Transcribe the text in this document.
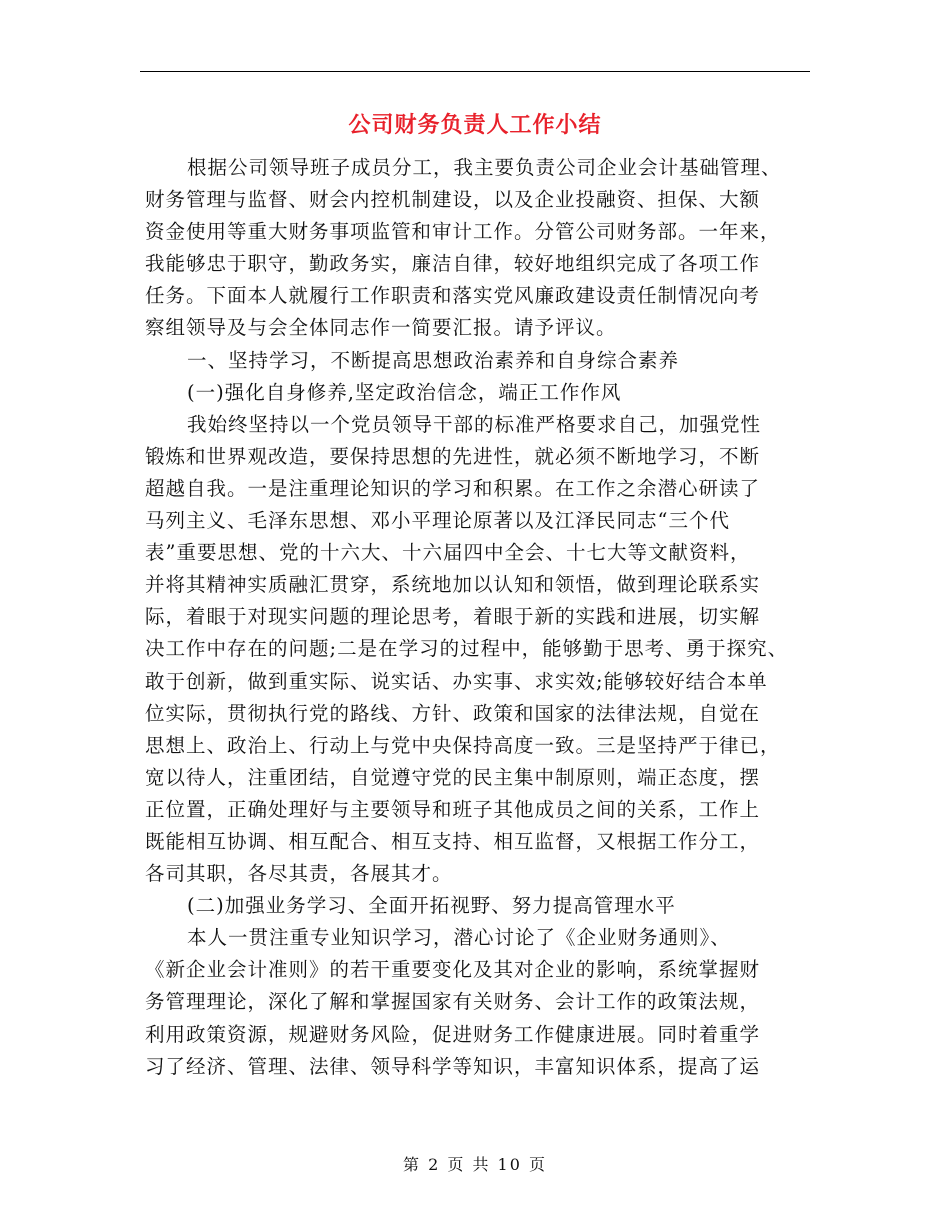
公司财务负责人工作小结
根据公司领导班子成员分工，我主要负责公司企业会计基础管理、
财务管理与监督、财会内控机制建设，以及企业投融资、担保、大额
资金使用等重大财务事项监管和审计工作。分管公司财务部。一年来，
我能够忠于职守，勤政务实，廉洁自律，较好地组织完成了各项工作
任务。下面本人就履行工作职责和落实党风廉政建设责任制情况向考
察组领导及与会全体同志作一简要汇报。请予评议。
一、坚持学习，不断提高思想政治素养和自身综合素养
(一)强化自身修养,坚定政治信念，端正工作作风
我始终坚持以一个党员领导干部的标准严格要求自己，加强党性
锻炼和世界观改造，要保持思想的先进性，就必须不断地学习，不断
超越自我。一是注重理论知识的学习和积累。在工作之余潜心研读了
马列主义、毛泽东思想、邓小平理论原著以及江泽民同志“三个代
表”重要思想、党的十六大、十六届四中全会、十七大等文献资料，
并将其精神实质融汇贯穿，系统地加以认知和领悟，做到理论联系实
际，着眼于对现实问题的理论思考，着眼于新的实践和进展，切实解
决工作中存在的问题;二是在学习的过程中，能够勤于思考、勇于探究、
敢于创新，做到重实际、说实话、办实事、求实效;能够较好结合本单
位实际，贯彻执行党的路线、方针、政策和国家的法律法规，自觉在
思想上、政治上、行动上与党中央保持高度一致。三是坚持严于律已，
宽以待人，注重团结，自觉遵守党的民主集中制原则，端正态度，摆
正位置，正确处理好与主要领导和班子其他成员之间的关系，工作上
既能相互协调、相互配合、相互支持、相互监督，又根据工作分工，
各司其职，各尽其责，各展其才。
(二)加强业务学习、全面开拓视野、努力提高管理水平
本人一贯注重专业知识学习，潜心讨论了《企业财务通则》、
《新企业会计准则》的若干重要变化及其对企业的影响，系统掌握财
务管理理论，深化了解和掌握国家有关财务、会计工作的政策法规，
利用政策资源，规避财务风险，促进财务工作健康进展。同时着重学
习了经济、管理、法律、领导科学等知识，丰富知识体系，提高了运
第 2 页 共 10 页
